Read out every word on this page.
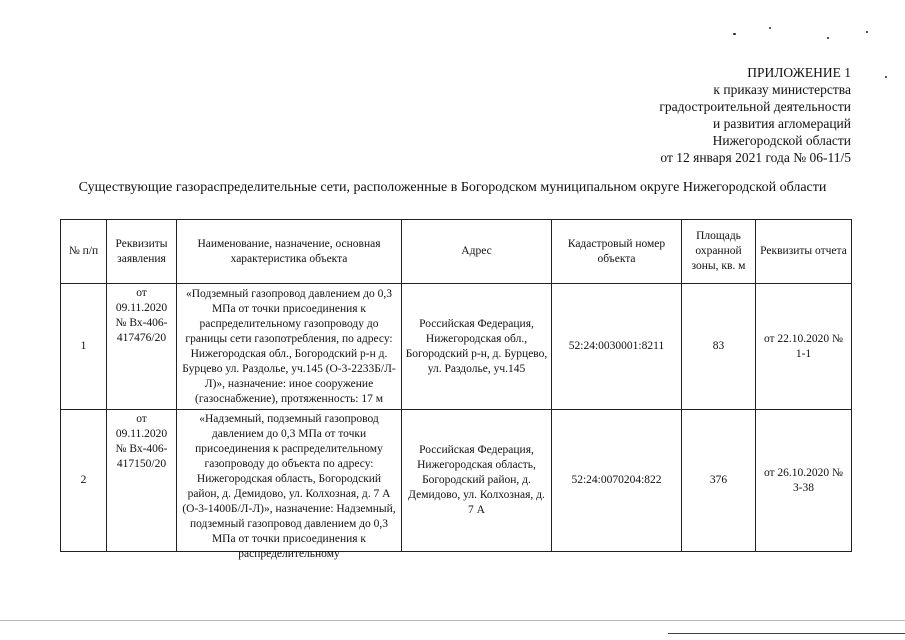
ПРИЛОЖЕНИЕ 1
к приказу министерства
градостроительной деятельности
и развития агломераций
Нижегородской области
от 12 января 2021 года № 06-11/5
Существующие газораспределительные сети, расположенные в Богородском муниципальном округе Нижегородской области
№ п/п	Реквизиты заявления	Наименование, назначение, основная характеристика объекта	Адрес	Кадастровый номер объекта	Площадь охранной зоны, кв. м	Реквизиты отчета
1	от 09.11.2020 № Вх-406-417476/20	«Подземный газопровод давлением до 0,3 МПа от точки присоединения к распределительному газопроводу до границы сети газопотребления, по адресу: Нижегородская обл., Богородский р-н д. Бурцево ул. Раздолье, уч.145 (О-3-2233Б/Л-Л)», назначение: иное сооружение (газоснабжение), протяженность: 17 м	Российская Федерация, Нижегородская обл., Богородский р-н, д. Бурцево, ул. Раздолье, уч.145	52:24:0030001:8211	83	от 22.10.2020 № 1-1
2	от 09.11.2020 № Вх-406-417150/20	«Надземный, подземный газопровод давлением до 0,3 МПа от точки присоединения к распределительному газопроводу до объекта по адресу: Нижегородская область, Богородский район, д. Демидово, ул. Колхозная, д. 7 А (О-3-1400Б/Л-Л)», назначение: Надземный, подземный газопровод давлением до 0,3 МПа от точки присоединения к распределительному	Российская Федерация, Нижегородская область, Богородский район, д. Демидово, ул. Колхозная, д. 7 А	52:24:0070204:822	376	от 26.10.2020 № 3-38
